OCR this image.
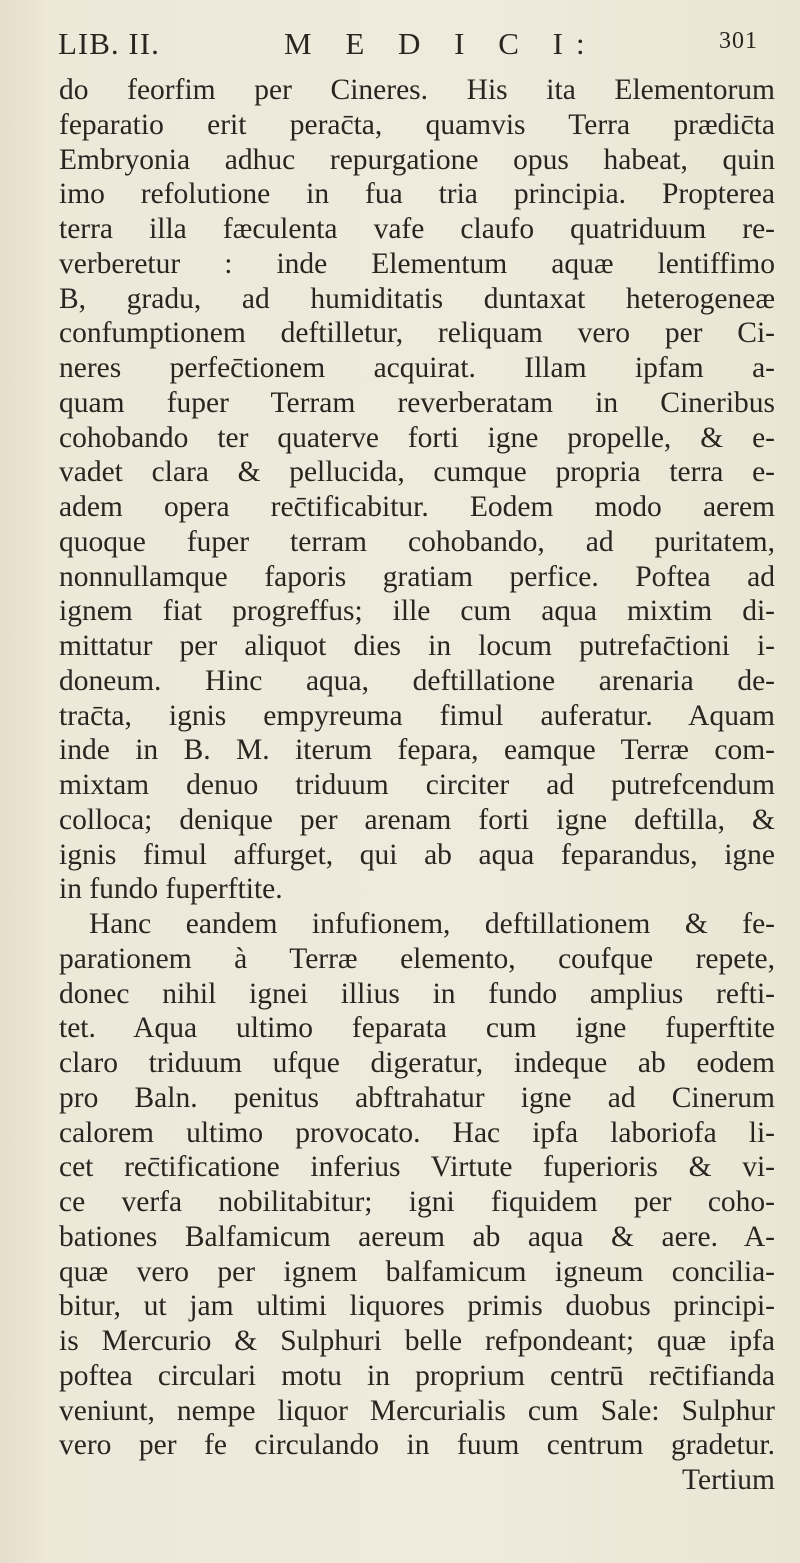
LIB. II.	M E D I C I:	301
do feorfim per Cineres. His ita Elementorum
feparatio erit perac̄ta, quamvis Terra prædic̄ta
Embryonia adhuc repurgatione opus habeat, quin
imo refolutione in fua tria principia. Propterea
terra illa fæculenta vafe claufo quatriduum re-
verberetur : inde Elementum aquæ lentiffimo
B, gradu, ad humiditatis duntaxat heterogeneæ
confumptionem deftilletur, reliquam vero per Ci-
neres perfec̄tionem acquirat. Illam ipfam a-
quam fuper Terram reverberatam in Cineribus
cohobando ter quaterve forti igne propelle, & e-
vadet clara & pellucida, cumque propria terra e-
adem opera rec̄tificabitur. Eodem modo aerem
quoque fuper terram cohobando, ad puritatem,
nonnullamque faporis gratiam perfice. Poftea ad
ignem fiat progreffus; ille cum aqua mixtim di-
mittatur per aliquot dies in locum putrefac̄tioni i-
doneum. Hinc aqua, deftillatione arenaria de-
trac̄ta, ignis empyreuma fimul auferatur. Aquam
inde in B. M. iterum fepara, eamque Terræ com-
mixtam denuo triduum circiter ad putrefcendum
colloca; denique per arenam forti igne deftilla, &
ignis fimul affurget, qui ab aqua feparandus, igne
in fundo fuperftite.
Hanc eandem infufionem, deftillationem & fe-
parationem à Terræ elemento, coufque repete,
donec nihil ignei illius in fundo amplius refti-
tet. Aqua ultimo feparata cum igne fuperftite
claro triduum ufque digeratur, indeque ab eodem
pro Baln. penitus abftrahatur igne ad Cinerum
calorem ultimo provocato. Hac ipfa laboriofa li-
cet rec̄tificatione inferius Virtute fuperioris & vi-
ce verfa nobilitabitur; igni fiquidem per coho-
bationes Balfamicum aereum ab aqua & aere. A-
quæ vero per ignem balfamicum igneum concilia-
bitur, ut jam ultimi liquores primis duobus principi-
is Mercurio & Sulphuri belle refpondeant; quæ ipfa
poftea circulari motu in proprium centrū rec̄tifianda
veniunt, nempe liquor Mercurialis cum Sale: Sulphur
vero per fe circulando in fuum centrum gradetur.
Tertium
